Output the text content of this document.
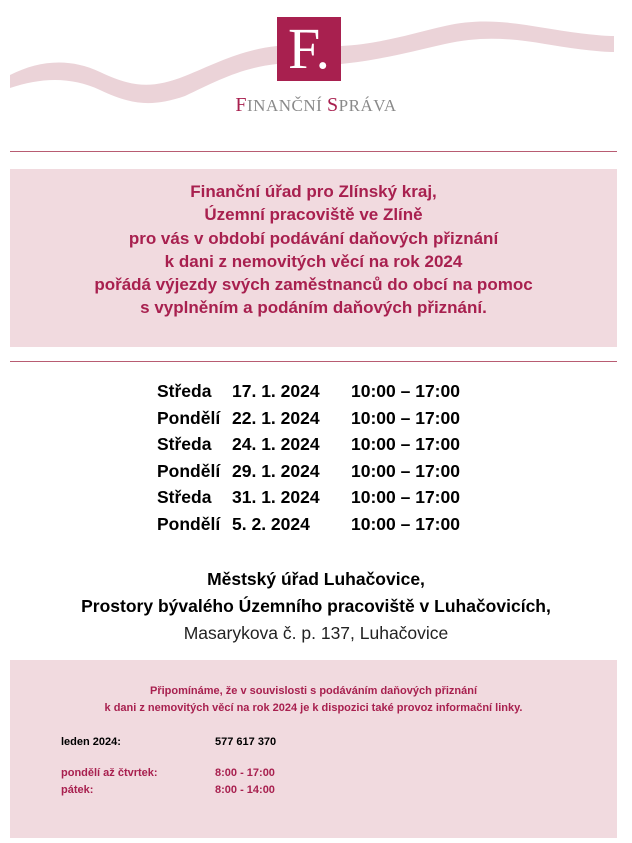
F.
FINANČNÍ SPRÁVA
Finanční úřad pro Zlínský kraj,
Územní pracoviště ve Zlíně
pro vás v období podávání daňových přiznání
k dani z nemovitých věcí na rok 2024
pořádá výjezdy svých zaměstnanců do obcí na pomoc
s vyplněním a podáním daňových přiznání.
Středa 17. 1. 2024 10:00 – 17:00
Pondělí 22. 1. 2024 10:00 – 17:00
Středa 24. 1. 2024 10:00 – 17:00
Pondělí 29. 1. 2024 10:00 – 17:00
Středa 31. 1. 2024 10:00 – 17:00
Pondělí 5. 2. 2024 10:00 – 17:00
Městský úřad Luhačovice,
Prostory bývalého Územního pracoviště v Luhačovicích,
Masarykova č. p. 137, Luhačovice
Připomínáme, že v souvislosti s podáváním daňových přiznání
k dani z nemovitých věcí na rok 2024 je k dispozici také provoz informační linky.
leden 2024:	577 617 370
pondělí až čtvrtek:	8:00 - 17:00
pátek:	8:00 - 14:00
